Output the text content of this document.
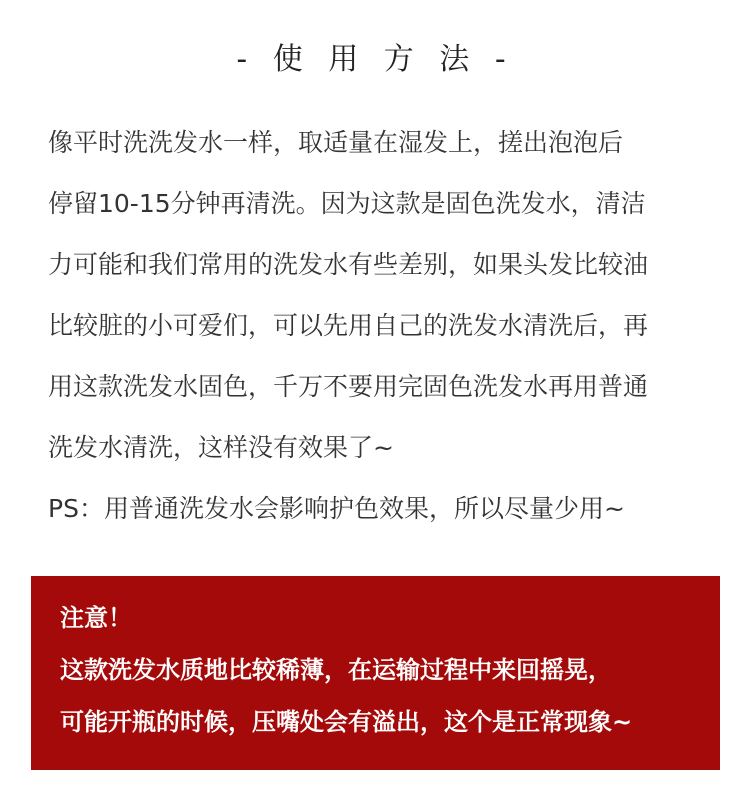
- 使 用 方 法 -
像平时洗洗发水一样，取适量在湿发上，搓出泡泡后
停留10-15分钟再清洗。因为这款是固色洗发水，清洁
力可能和我们常用的洗发水有些差别，如果头发比较油
比较脏的小可爱们，可以先用自己的洗发水清洗后，再
用这款洗发水固色，千万不要用完固色洗发水再用普通
洗发水清洗，这样没有效果了~
PS：用普通洗发水会影响护色效果，所以尽量少用~
注意！
这款洗发水质地比较稀薄，在运输过程中来回摇晃，
可能开瓶的时候，压嘴处会有溢出，这个是正常现象~
